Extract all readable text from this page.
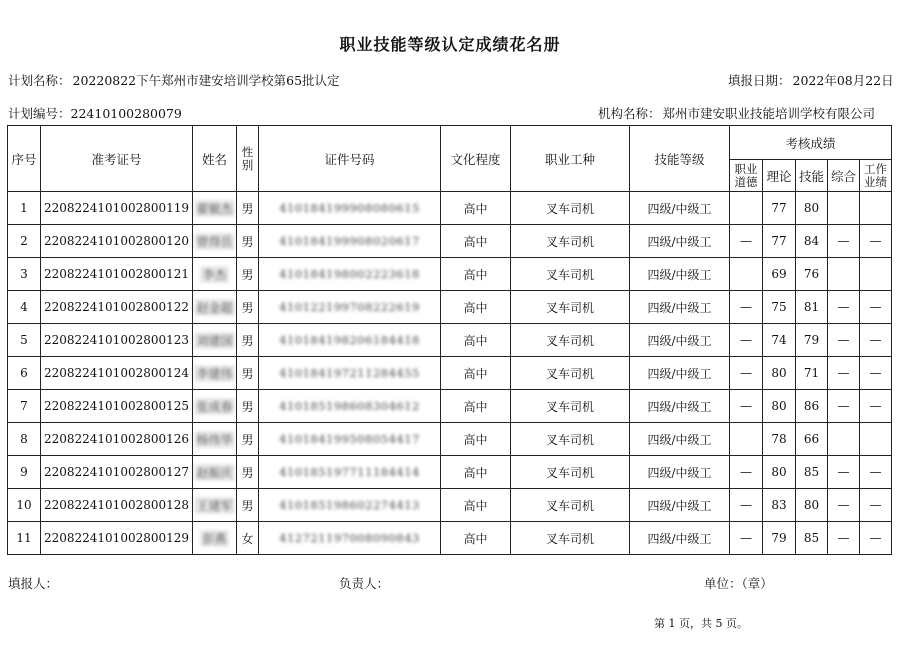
职业技能等级认定成绩花名册
计划名称： 20220822下午郑州市建安培训学校第65批认定	填报日期： 2022年08月22日
计划编号：22410100280079	机构名称： 郑州市建安职业技能培训学校有限公司
序号	准考证号	姓名	性别	证件号码	文化程度	职业工种	技能等级	考核成绩				
								职业道德	理论	技能	综合	工作业绩
1	2208224101002800119	翟敏杰	男	410184199908080615	高中	叉车司机	四级/中级工		77	80		
2	2208224101002800120	曾得岳	男	410184199908020617	高中	叉车司机	四级/中级工	—	77	84	—	—
3	2208224101002800121	李杰	男	410184198002223618	高中	叉车司机	四级/中级工		69	76		
4	2208224101002800122	赵金超	男	410122199708222619	高中	叉车司机	四级/中级工	—	75	81	—	—
5	2208224101002800123	刘建国	男	410184198206184418	高中	叉车司机	四级/中级工	—	74	79	—	—
6	2208224101002800124	李建伟	男	410184197211284455	高中	叉车司机	四级/中级工	—	80	71	—	—
7	2208224101002800125	张成春	男	410185198608304612	高中	叉车司机	四级/中级工	—	80	86	—	—
8	2208224101002800126	杨伟华	男	410184199508054417	高中	叉车司机	四级/中级工		78	66		
9	2208224101002800127	赵振庆	男	410185197711184414	高中	叉车司机	四级/中级工	—	80	85	—	—
10	2208224101002800128	王建军	男	410185198602274413	高中	叉车司机	四级/中级工	—	83	80	—	—
11	2208224101002800129	彭燕	女	412721197008090843	高中	叉车司机	四级/中级工	—	79	85	—	—
填报人：	负责人：	单位：（章）
第 1 页，共 5 页。
